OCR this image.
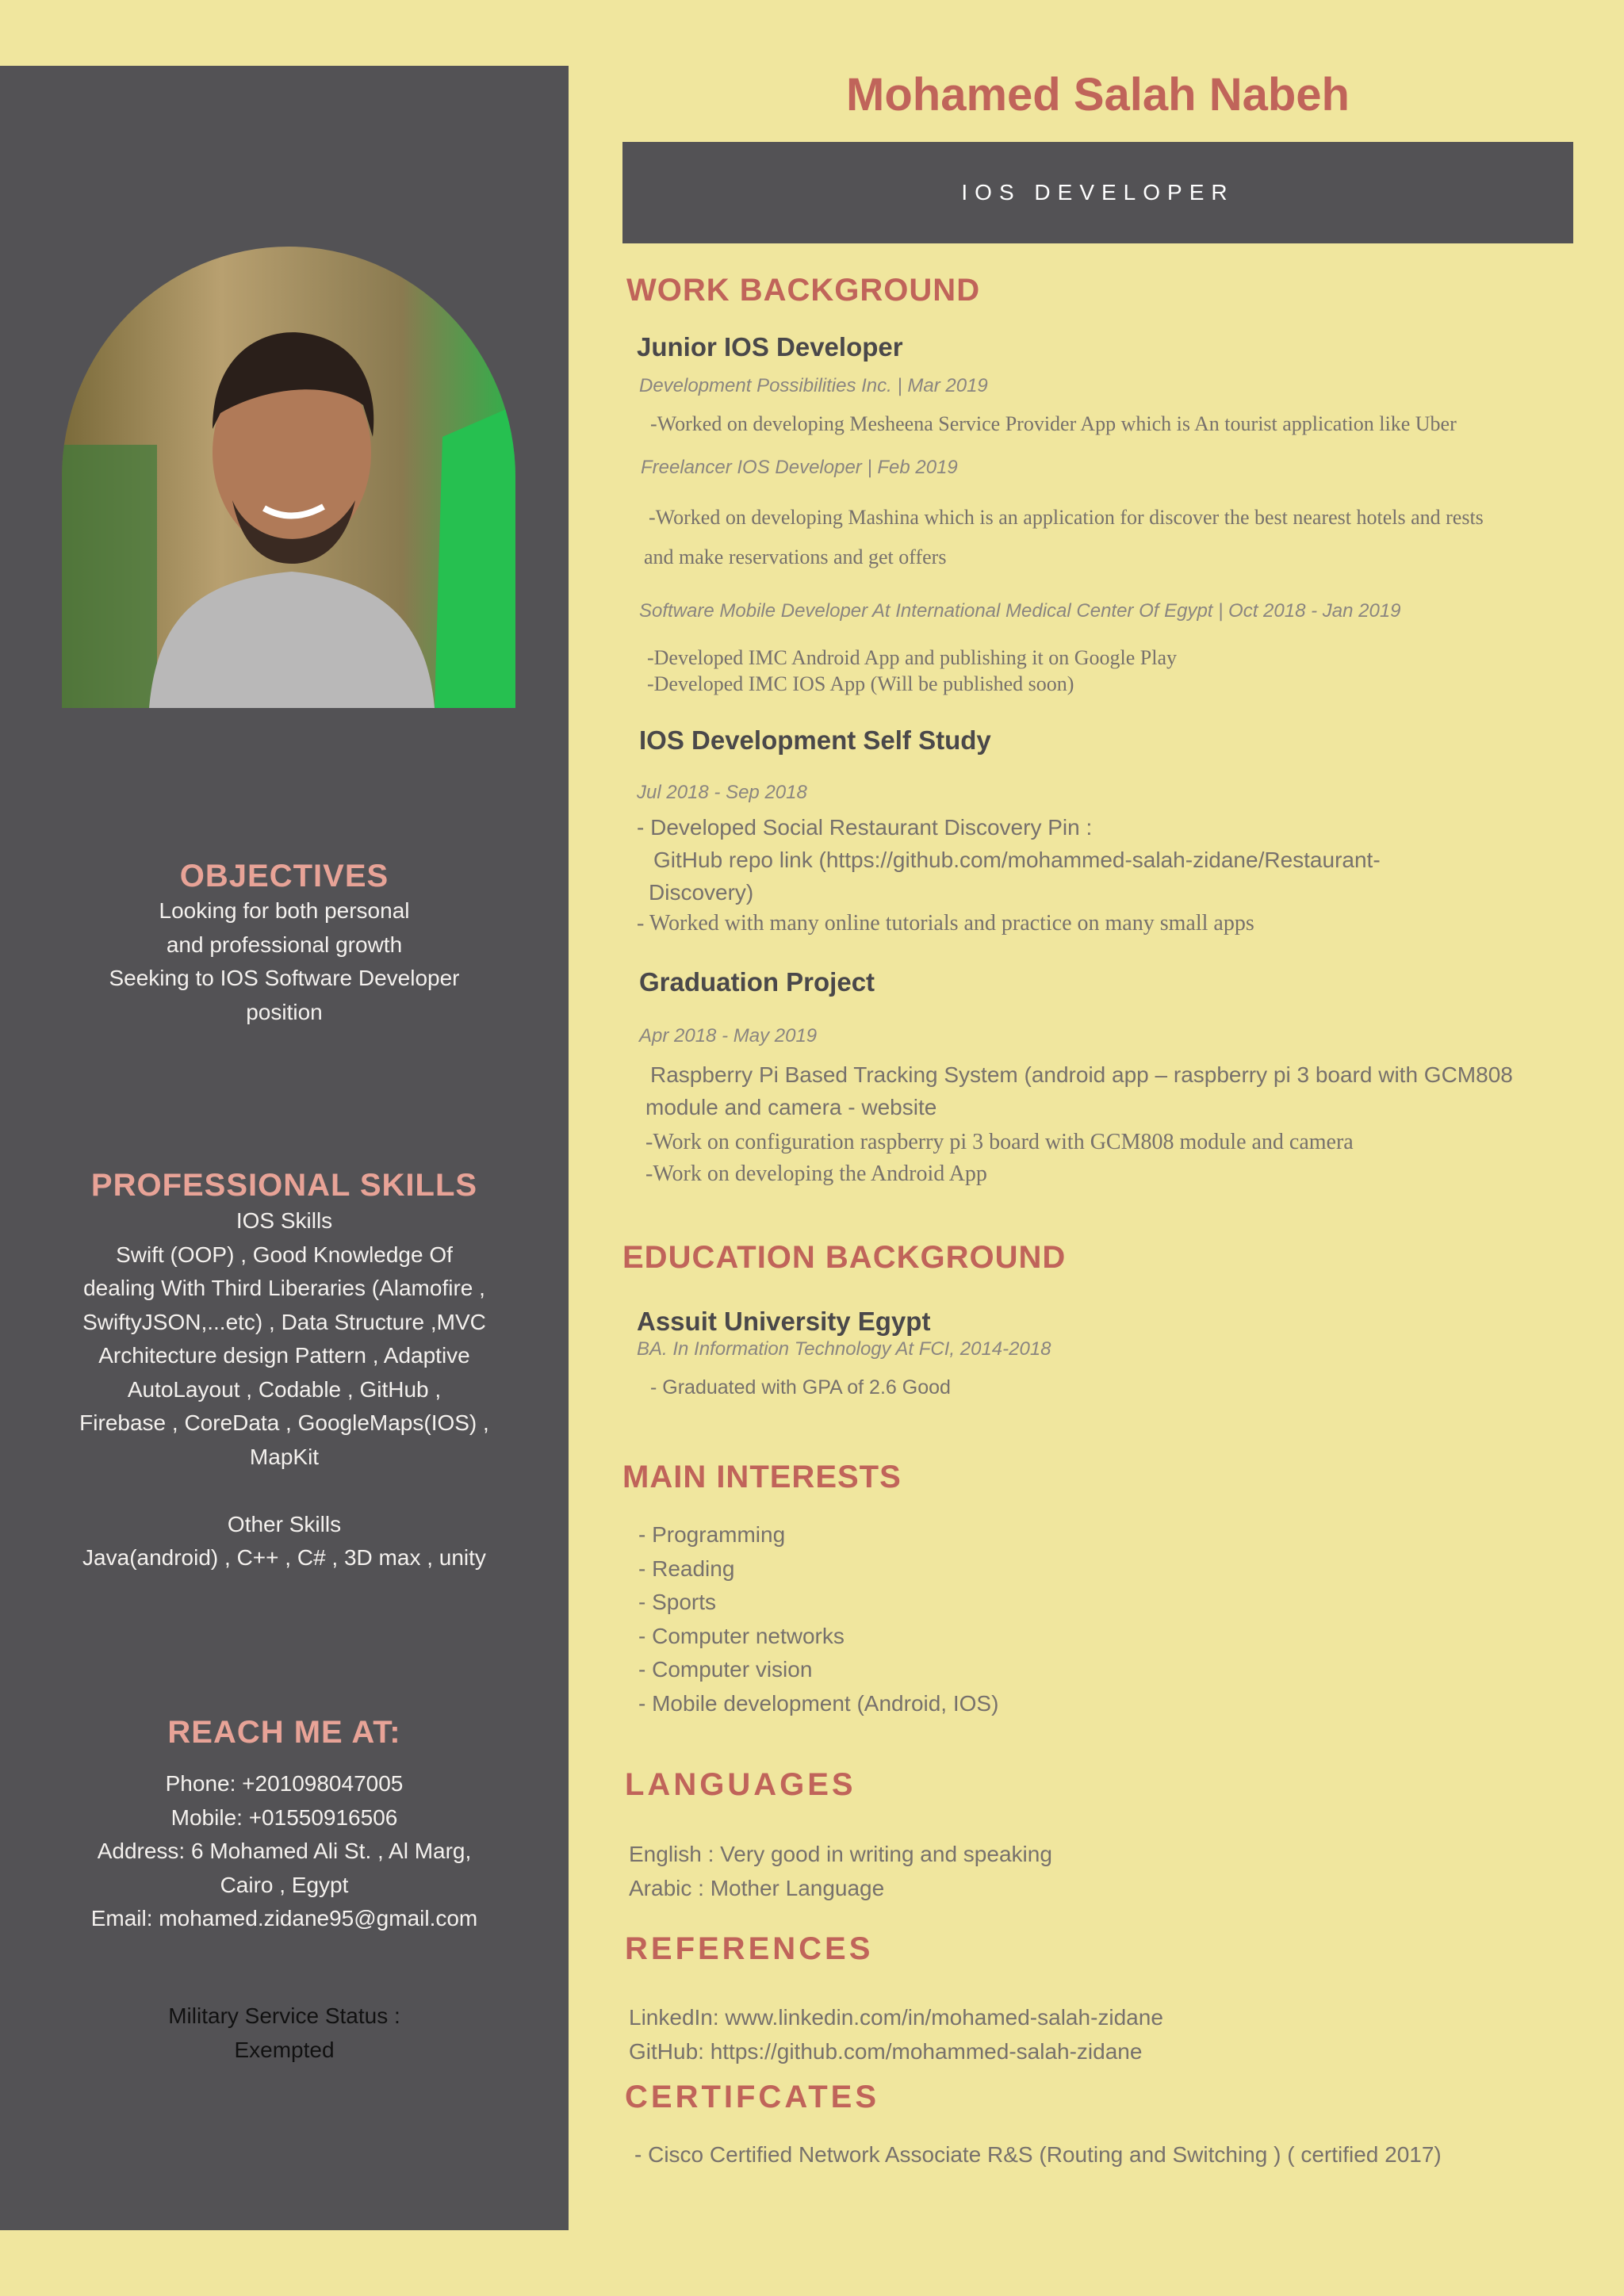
OBJECTIVES
Looking for both personal
and professional growth
Seeking to IOS Software Developer
position
PROFESSIONAL SKILLS
IOS Skills
Swift (OOP) , Good Knowledge Of
dealing With Third Liberaries (Alamofire ,
SwiftyJSON,...etc) , Data Structure ,MVC
Architecture design Pattern , Adaptive
AutoLayout , Codable , GitHub ,
Firebase , CoreData , GoogleMaps(IOS) ,
MapKit
Other Skills
Java(android) , C++ , C# , 3D max , unity
REACH ME AT:
Phone: +201098047005
Mobile: +01550916506
Address: 6 Mohamed Ali St. , Al Marg,
Cairo , Egypt
Email: mohamed.zidane95@gmail.com
Military Service Status :
Exempted
Mohamed Salah Nabeh
IOS DEVELOPER
WORK BACKGROUND
Junior IOS Developer
Development Possibilities Inc. | Mar 2019
-Worked on developing Mesheena Service Provider App which is An tourist application like Uber
Freelancer IOS Developer | Feb 2019
-Worked on developing Mashina which is an application for discover the best nearest hotels and rests
and make reservations and get offers
Software Mobile Developer At International Medical Center Of Egypt | Oct 2018 - Jan 2019
-Developed IMC Android App and publishing it on Google Play
-Developed IMC IOS App (Will be published soon)
IOS Development Self Study
Jul 2018 - Sep 2018
- Developed Social Restaurant Discovery Pin :
GitHub repo link (https://github.com/mohammed-salah-zidane/Restaurant-
Discovery)
- Worked with many online tutorials and practice on many small apps
Graduation Project
Apr 2018 - May 2019
Raspberry Pi Based Tracking System (android app – raspberry pi 3 board with GCM808
module and camera - website
-Work on configuration raspberry pi 3 board with GCM808 module and camera
-Work on developing the Android App
EDUCATION BACKGROUND
Assuit University Egypt
BA. In Information Technology At FCI, 2014-2018
- Graduated with GPA of 2.6 Good
MAIN INTERESTS
- Programming
- Reading
- Sports
- Computer networks
- Computer vision
- Mobile development (Android, IOS)
LANGUAGES
English : Very good in writing and speaking
Arabic : Mother Language
REFERENCES
LinkedIn: www.linkedin.com/in/mohamed-salah-zidane
GitHub: https://github.com/mohammed-salah-zidane
CERTIFCATES
- Cisco Certified Network Associate R&S (Routing and Switching ) ( certified 2017)
